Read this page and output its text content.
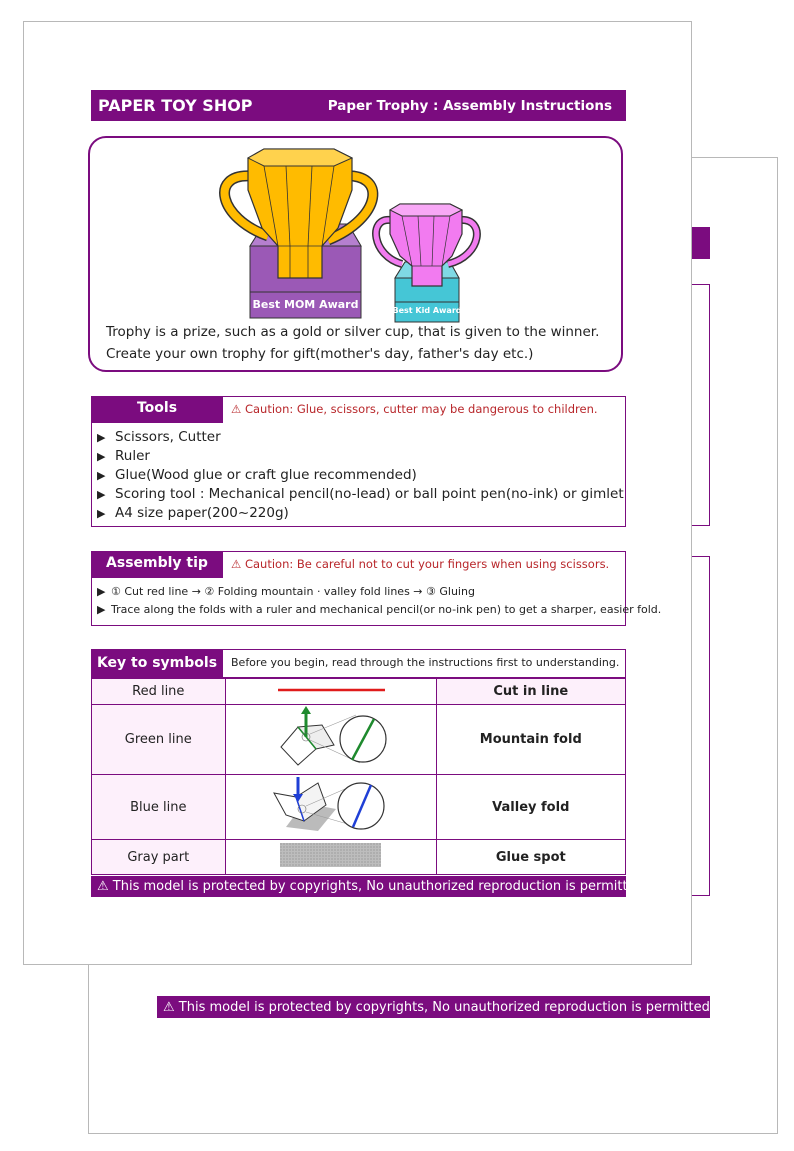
⚠ This model is protected by copyrights, No unauthorized reproduction is permitted.
PAPER TOY SHOP	Paper Trophy : Assembly Instructions
Best MOM Award	Best Kid Award
Trophy is a prize, such as a gold or silver cup, that is given to the winner.
Create your own trophy for gift(mother's day, father's day etc.)
Tools	⚠ Caution: Glue, scissors, cutter may be dangerous to children.
▶ Scissors, Cutter
▶ Ruler
▶ Glue(Wood glue or craft glue recommended)
▶ Scoring tool : Mechanical pencil(no-lead) or ball point pen(no-ink) or gimlet
▶ A4 size paper(200~220g)
Assembly tip	⚠ Caution: Be careful not to cut your fingers when using scissors.
▶ ① Cut red line → ② Folding mountain · valley fold lines → ③ Gluing
▶ Trace along the folds with a ruler and mechanical pencil(or no-ink pen) to get a sharper, easier fold.
Key to symbols	Before you begin, read through the instructions first to understanding.
Red line		Cut in line
Green line		Mountain fold
Blue line		Valley fold
Gray part		Glue spot
⚠ This model is protected by copyrights, No unauthorized reproduction is permitted.
